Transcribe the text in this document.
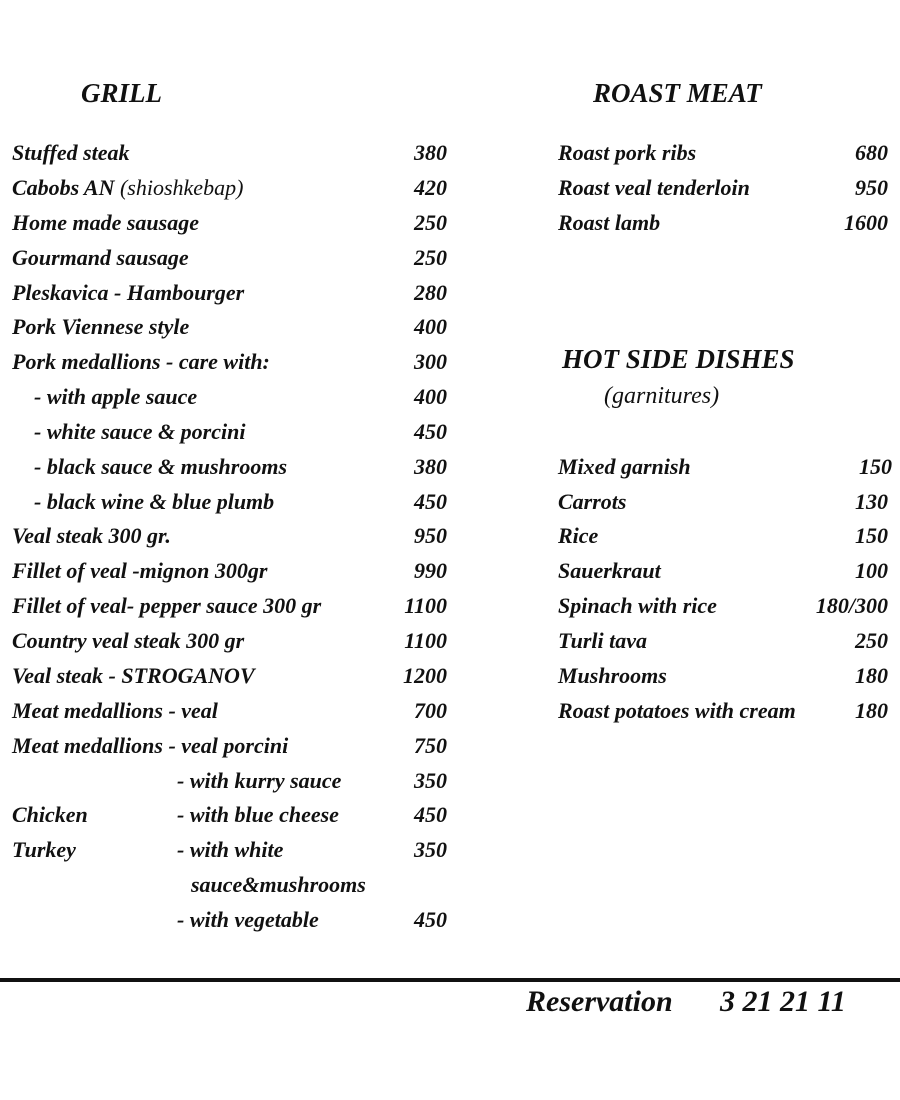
GRILL	ROAST MEAT
Stuffed steak	380
Cabobs AN (shioshkebap)	420
Home made sausage	250
Gourmand sausage	250
Pleskavica - Hambourger	280
Pork Viennese style	400
Pork medallions - care with:	300
- with apple sauce	400
- white sauce & porcini	450
- black sauce & mushrooms	380
- black wine & blue plumb	450
Veal steak 300 gr.	950
Fillet of veal -mignon 300gr	990
Fillet of veal- pepper sauce 300 gr	1100
Country veal steak 300 gr	1100
Veal steak - STROGANOV	1200
Meat medallions - veal	700
Meat medallions - veal porcini	750
- with kurry sauce	350
Chicken	- with blue cheese	450
Turkey	- with white	350
sauce&mushrooms
- with vegetable	450
Roast pork ribs	680
Roast veal tenderloin	950
Roast lamb	1600
HOT SIDE DISHES
(garnitures)
Mixed garnish	150
Carrots	130
Rice	150
Sauerkraut	100
Spinach with rice	180/300
Turli tava	250
Mushrooms	180
Roast potatoes with cream	180
Reservation 3 21 21 11
